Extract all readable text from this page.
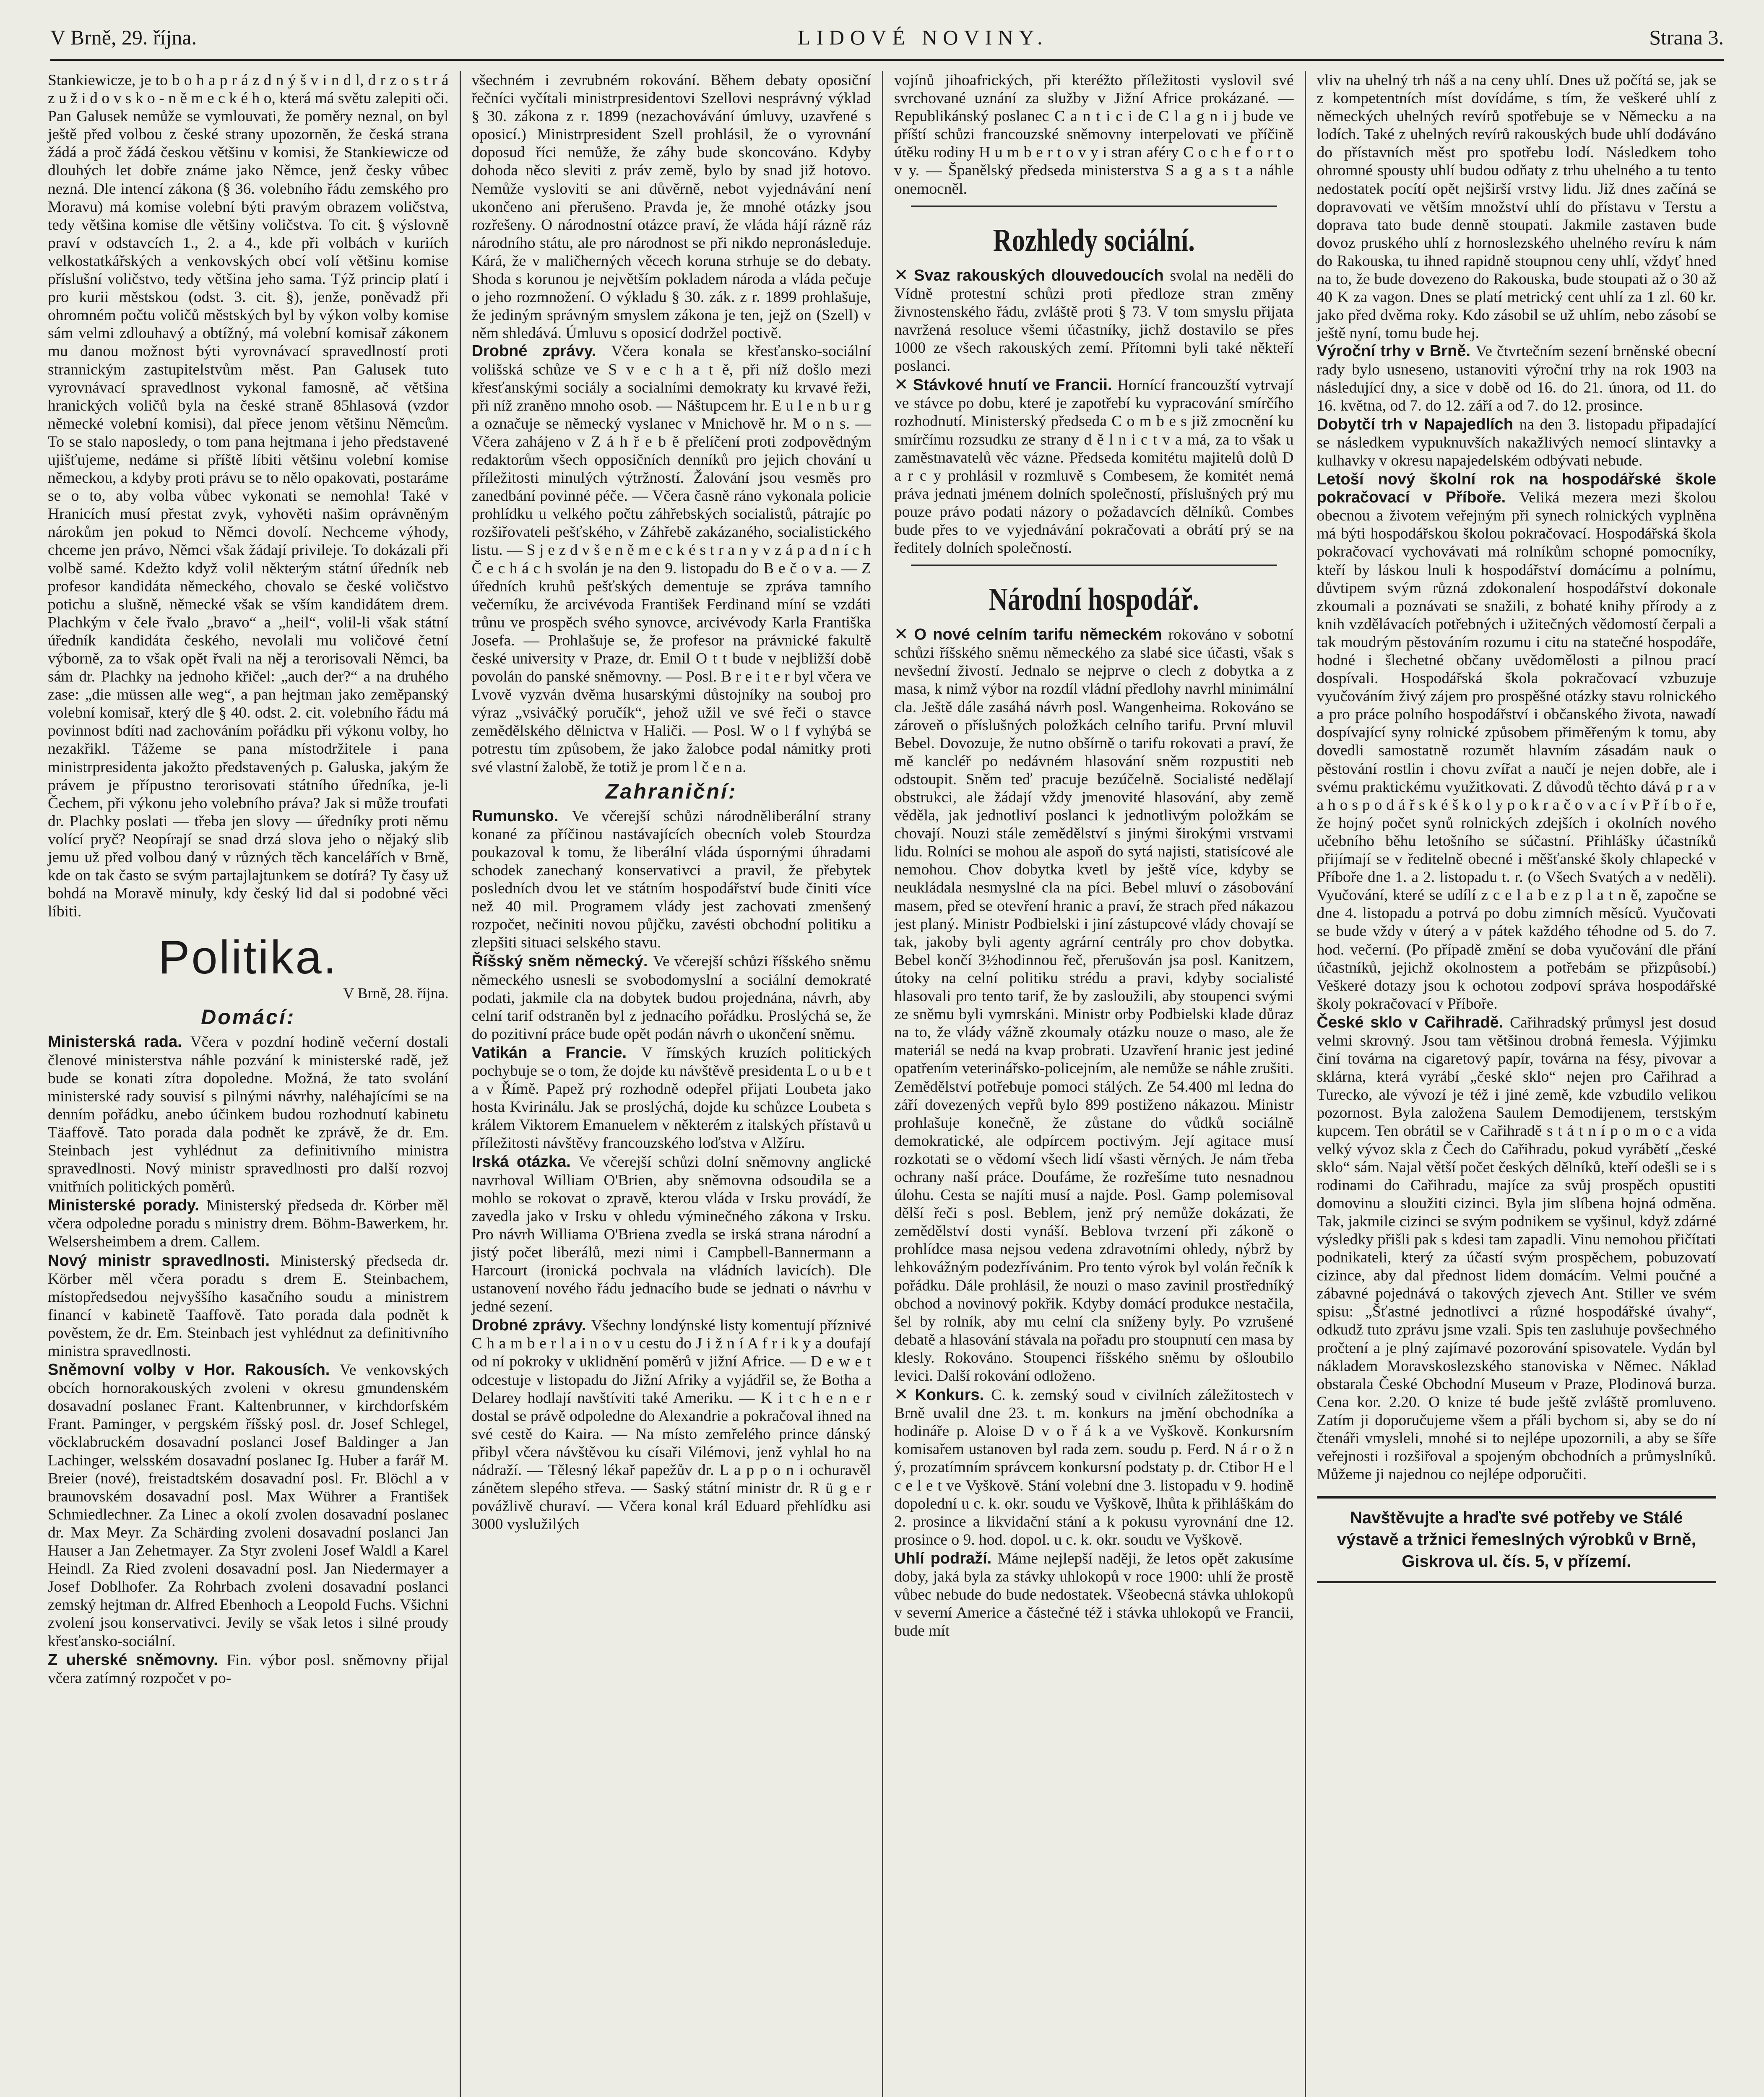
V Brně, 29. října.	LIDOVÉ NOVINY.	Strana 3.

Stankiewicze, je to b o h a p r á z d n ý š v i n d l, d r z o s t r á z u ž i d o v s k o - n ě m e c k é h o, která má světu zalepiti oči. Pan Galusek nemůže se vymlouvati, že poměry neznal, on byl ještě před volbou z české strany upozorněn, že česká strana žádá a proč žádá českou většinu v komisi, že Stankiewicze od dlouhých let dobře známe jako Němce, jenž česky vůbec nezná. Dle intencí zákona (§ 36. volebního řádu zemského pro Moravu) má komise volební býti pravým obrazem voličstva, tedy většina komise dle většiny voličstva. To cit. § výslovně praví v odstavcích 1., 2. a 4., kde při volbách v kuriích velkostatkářských a venkovských obcí volí většinu komise příslušní voličstvo, tedy většina jeho sama. Týž princip platí i pro kurii městskou (odst. 3. cit. §), jenže, poněvadž při ohromném počtu voličů městských byl by výkon volby komise sám velmi zdlouhavý a obtížný, má volební komisař zákonem mu danou možnost býti vyrovnávací spravedlností proti strannickým zastupitelstvům měst. Pan Galusek tuto vyrovnávací spravedlnost vykonal famosně, ač většina hranických voličů byla na české straně 85hlasová (vzdor německé volební komisi), dal přece jenom většinu Němcům. To se stalo naposledy, o tom pana hejtmana i jeho představené ujišťujeme, nedáme si příště líbiti většinu volební komise německou, a kdyby proti právu se to nělo opakovati, postaráme se o to, aby volba vůbec vykonati se nemohla! Také v Hranicích musí přestat zvyk, vyhověti našim oprávněným nárokům jen pokud to Němci dovolí. Nechceme výhody, chceme jen právo, Němci však žádají privileje. To dokázali při volbě samé. Kdežto když volil některým státní úředník neb profesor kandidáta německého, chovalo se české voličstvo potichu a slušně, německé však se vším kandidátem drem. Plachkým v čele řvalo „bravo“ a „heil“, volil-li však státní úředník kandidáta českého, nevolali mu voličové četní výborně, za to však opět řvali na něj a terorisovali Němci, ba sám dr. Plachky na jednoho křičel: „auch der?“ a na druhého zase: „die müssen alle weg“, a pan hejtman jako zeměpanský volební komisař, který dle § 40. odst. 2. cit. volebního řádu má povinnost bdíti nad zachováním pořádku při výkonu volby, ho nezakřikl. Tážeme se pana místodržitele i pana ministrpresidenta jakožto představených p. Galuska, jakým že právem je přípustno terorisovati státního úředníka, je-li Čechem, při výkonu jeho volebního práva? Jak si může troufati dr. Plachky poslati — třeba jen slovy — úředníky proti němu volící pryč? Neopírají se snad drzá slova jeho o nějaký slib jemu už před volbou daný v různých těch kancelářích v Brně, kde on tak často se svým partajlajtunkem se dotírá? Ty časy už bohdá na Moravě minuly, kdy český lid dal si podobné věci líbiti.

Politika.
V Brně, 28. října.
Domácí:
Ministerská rada. Včera v pozdní hodině večerní dostali členové ministerstva náhle pozvání k ministerské radě, jež bude se konati zítra dopoledne. Možná, že tato svolání ministerské rady souvisí s pilnými návrhy, naléhajícími se na denním pořádku, anebo účinkem budou rozhodnutí kabinetu Täaffově. Tato porada dala podnět ke zprávě, že dr. Em. Steinbach jest vyhlédnut za definitivního ministra spravedlnosti. Nový ministr spravedlnosti pro další rozvoj vnitřních politických poměrů.
Ministerské porady. Ministerský předseda dr. Körber měl včera odpoledne poradu s ministry drem. Böhm-Bawerkem, hr. Welsersheimbem a drem. Callem.
Nový ministr spravedlnosti. Ministerský předseda dr. Körber měl včera poradu s drem E. Steinbachem, místopředsedou nejvyššího kasačního soudu a ministrem financí v kabinetě Taaffově. Tato porada dala podnět k pověstem, že dr. Em. Steinbach jest vyhlédnut za definitivního ministra spravedlnosti.
Sněmovní volby v Hor. Rakousích. Ve venkovských obcích hornorakouských zvoleni v okresu gmundenském dosavadní poslanec Frant. Kaltenbrunner, v kirchdorfském Frant. Paminger, v pergském říšský posl. dr. Josef Schlegel, vöcklabruckém dosavadní poslanci Josef Baldinger a Jan Lachinger, welsském dosavadní poslanec Ig. Huber a farář M. Breier (nové), freistadtském dosavadní posl. Fr. Blöchl a v braunovském dosavadní posl. Max Wührer a František Schmiedlechner. Za Linec a okolí zvolen dosavadní poslanec dr. Max Meyr. Za Schärding zvoleni dosavadní poslanci Jan Hauser a Jan Zehetmayer. Za Styr zvoleni Josef Waldl a Karel Heindl. Za Ried zvoleni dosavadní posl. Jan Niedermayer a Josef Doblhofer. Za Rohrbach zvoleni dosavadní poslanci zemský hejtman dr. Alfred Ebenhoch a Leopold Fuchs. Všichni zvolení jsou konservativci. Jevily se však letos i silné proudy křesťansko-sociální.
Z uherské sněmovny. Fin. výbor posl. sněmovny přijal včera zatímný rozpočet v po-

všechném i zevrubném rokování. Během debaty oposiční řečníci vyčítali ministrpresidentovi Szellovi nesprávný výklad § 30. zákona z r. 1899 (nezachovávání úmluvy, uzavřené s oposicí.) Ministrpresident Szell prohlásil, že o vyrovnání doposud říci nemůže, že záhy bude skoncováno. Kdyby dohoda něco sleviti z práv země, bylo by snad již hotovo. Nemůže vysloviti se ani důvěrně, nebot vyjednávání není ukončeno ani přerušeno. Pravda je, že mnohé otázky jsou rozřešeny. O národnostní otázce praví, že vláda hájí rázně ráz národního státu, ale pro národnost se při nikdo nepronásleduje. Kárá, že v maličherných věcech koruna strhuje se do debaty. Shoda s korunou je největším pokladem národa a vláda pečuje o jeho rozmnožení. O výkladu § 30. zák. z r. 1899 prohlašuje, že jediným správným smyslem zákona je ten, jejž on (Szell) v něm shledává. Úmluvu s oposicí dodržel poctivě.

Drobné zprávy. Včera konala se křesťansko-sociální volišská schůze ve S v e c h a t ě, při níž došlo mezi křesťanskými sociály a socialními demokraty ku krvavé řeži, při níž zraněno mnoho osob. — Náštupcem hr. E u l e n b u r g a označuje se německý vyslanec v Mnichově hr. M o n s. — Včera zahájeno v Z á h ř e b ě přelíčení proti zodpovědným redaktorům všech opposičních denníků pro jejich chování u příležitosti minulých výtržností. Žalování jsou vesměs pro zanedbání povinné péče. — Včera časně ráno vykonala policie prohlídku u velkého počtu záhřebských socialistů, pátrajíc po rozšiřovateli pešťského, v Záhřebě zakázaného, socialistického listu. — S j e z d v š e n ě m e c k é s t r a n y v z á p a d n í c h Č e c h á c h svolán je na den 9. listopadu do B e č o v a. — Z úředních kruhů pešťských dementuje se zpráva tamního večerníku, že arcivévoda František Ferdinand míní se vzdáti trůnu ve prospěch svého synovce, arcivévody Karla Františka Josefa. — Prohlašuje se, že profesor na právnické fakultě české university v Praze, dr. Emil O t t bude v nejbližší době povolán do panské sněmovny. — Posl. B r e i t e r byl včera ve Lvově vyzván dvěma husarskými důstojníky na souboj pro výraz „vsiváčký poručík“, jehož užil ve své řeči o stavce zemědělského dělnictva v Haliči. — Posl. W o l f vyhýbá se potrestu tím způsobem, že jako žalobce podal námitky proti své vlastní žalobě, že totiž je prom l č e n a.
Zahraniční:
Rumunsko. Ve včerejší schůzi národněliberální strany konané za příčinou nastávajících obecních voleb Stourdza poukazoval k tomu, že liberální vláda úspornými úhradami schodek zanechaný konservativci a pravil, že přebytek posledních dvou let ve státním hospodářství bude činiti více než 40 mil. Programem vlády jest zachovati zmenšený rozpočet, nečiniti novou půjčku, zavésti obchodní politiku a zlepšiti situaci selského stavu.
Říšský sněm německý. Ve včerejší schůzi říšského sněmu německého usnesli se svobodomyslní a sociální demokraté podati, jakmile cla na dobytek budou projednána, návrh, aby celní tarif odstraněn byl z jednacího pořádku. Proslýchá se, že do pozitivní práce bude opět podán návrh o ukončení sněmu.
Vatikán a Francie. V římských kruzích politických pochybuje se o tom, že dojde ku návštěvě presidenta L o u b e t a v Římě. Papež prý rozhodně odepřel přijati Loubeta jako hosta Kvirinálu. Jak se proslýchá, dojde ku schůzce Loubeta s králem Viktorem Emanuelem v některém z italských přístavů u příležitosti návštěvy francouzského loďstva v Alžíru.
Irská otázka. Ve včerejší schůzi dolní sněmovny anglické navrhoval William O'Brien, aby sněmovna odsoudila se a mohlo se rokovat o zpravě, kterou vláda v Irsku provádí, že zavedla jako v Irsku v ohledu výminečného zákona v Irsku. Pro návrh Williama O'Briena zvedla se irská strana národní a jistý počet liberálů, mezi nimi i Campbell-Bannermann a Harcourt (ironická pochvala na vládních lavicích). Dle ustanovení nového řádu jednacího bude se jednati o návrhu v jedné sezení.
Drobné zprávy. Všechny londýnské listy komentují příznivé C h a m b e r l a i n o v u cestu do J i ž n í A f r i k y a doufají od ní pokroky v uklidnění poměrů v jižní Africe. — D e w e t odcestuje v listopadu do Jižní Afriky a vyjádřil se, že Botha a Delarey hodlají navštíviti také Ameriku. — K i t c h e n e r dostal se právě odpoledne do Alexandrie a pokračoval ihned na své cestě do Kaira. — Na místo zemřelého prince dánský přibyl včera návštěvou ku císaři Vilémovi, jenž vyhlal ho na nádraží. — Tělesný lékař papežův dr. L a p p o n i ochuravěl zánětem slepého střeva. — Saský státní ministr dr. R ü g e r povážlivě churaví. — Včera konal král Eduard přehlídku asi 3000 vyslužilých

vojínů jihoafrických, při kteréžto příležitosti vyslovil své svrchované uznání za služby v Jižní Africe prokázané. — Republikánský poslanec C a n t i c i de C l a g n i j bude ve příští schůzi francouzské sněmovny interpelovati ve příčině útěku rodiny H u m b e r t o v y i stran aféry C o c h e f o r t o v y. — Španělský předseda ministerstva S a g a s t a náhle onemocněl.

Rozhledy sociální.
✕ Svaz rakouských dlouvedoucích svolal na neděli do Vídně protestní schůzi proti předloze stran změny živnostenského řádu, zvláště proti § 73. V tom smyslu přijata navržená resoluce všemi účastníky, jichž dostavilo se přes 1000 ze všech rakouských zemí. Přítomni byli také někteří poslanci.
✕ Stávkové hnutí ve Francii. Hornící francouzští vytrvají ve stávce po dobu, které je zapotřebí ku vypracování smírčího rozhodnutí. Ministerský předseda C o m b e s již zmocnění ku smírčímu rozsudku ze strany d ě l n i c t v a má, za to však u zaměstnavatelů věc vázne. Předseda komitétu majitelů dolů D a r c y prohlásil v rozmluvě s Combesem, že komitét nemá práva jednati jménem dolních společností, příslušných prý mu pouze právo podati názory o požadavcích dělníků. Combes bude přes to ve vyjednávání pokračovati a obrátí prý se na ředitely dolních společností.
Národní hospodář.
✕ O nové celním tarifu německém rokováno v sobotní schůzi říšského sněmu německého za slabé sice účasti, však s nevšední živostí. Jednalo se nejprve o clech z dobytka a z masa, k nimž výbor na rozdíl vládní předlohy navrhl minimální cla. Ještě dále zasáhá návrh posl. Wangenheima. Rokováno se zároveň o příslušných položkách celního tarifu. První mluvil Bebel. Dovozuje, že nutno obšírně o tarifu rokovati a praví, že mě kancléř po nedávném hlasování sněm rozpustiti neb odstoupit. Sněm teď pracuje bezúčelně. Socialisté nedělají obstrukci, ale žádají vždy jmenovité hlasování, aby země věděla, jak jednotliví poslanci k jednotlivým položkám se chovají. Nouzi stále zemědělství s jinými širokými vrstvami lidu. Rolníci se mohou ale aspoň do sytá najisti, statisícové ale nemohou. Chov dobytka kvetl by ještě více, kdyby se neukládala nesmyslné cla na píci. Bebel mluví o zásobování masem, před se otevření hranic a praví, že strach před nákazou jest planý. Ministr Podbielski i jiní zástupcové vlády chovají se tak, jakoby byli agenty agrární centrály pro chov dobytka. Bebel končí 3½hodinnou řeč, přerušován jsa posl. Kanitzem, útoky na celní politiku strédu a pravi, kdyby socialisté hlasovali pro tento tarif, že by zasloužili, aby stoupenci svými ze sněmu byli vymrskáni. Ministr orby Podbielski klade důraz na to, že vlády vážně zkoumaly otázku nouze o maso, ale že materiál se nedá na kvap probrati. Uzavření hranic jest jediné opatřením veterinářsko-policejním, ale nemůže se náhle zrušiti. Zemědělství potřebuje pomoci stálých. Ze 54.400 ml ledna do září dovezených vepřů bylo 899 postiženo nákazou. Ministr prohlašuje konečně, že zůstane do vůdků sociálně demokratické, ale odpírcem poctivým. Její agitace musí rozkotati se o vědomí všech lidí všasti věrných. Je nám třeba ochrany naší práce. Doufáme, že rozřešíme tuto nesnadnou úlohu. Cesta se najíti musí a najde. Posl. Gamp polemisoval dělší řeči s posl. Beblem, jenž prý nemůže dokázati, že zemědělství dosti vynáší. Beblova tvrzení při zákoně o prohlídce masa nejsou vedena zdravotními ohledy, nýbrž by lehkovážným podezřívánim. Pro tento výrok byl volán řečník k pořádku. Dále prohlásil, že nouzi o maso zavinil prostředníký obchod a novinový pokřik. Kdyby domácí produkce nestačila, šel by rolník, aby mu celní cla sníženy byly. Po vzrušené debatě a hlasování stávala na pořadu pro stoupnutí cen masa by klesly. Rokováno. Stoupenci říšského sněmu by ošloubilo levici. Další rokování odloženo.
✕ Konkurs. C. k. zemský soud v civilních záležitostech v Brně uvalil dne 23. t. m. konkurs na jmění obchodníka a hodináře p. Aloise D v o ř á k a ve Vyškově. Konkursním komisařem ustanoven byl rada zem. soudu p. Ferd. N á r o ž n ý, prozatímním správcem konkursní podstaty p. dr. Ctibor H e l c e l e t ve Vyškově. Stání volební dne 3. listopadu v 9. hodině dopolední u c. k. okr. soudu ve Vyškově, lhůta k přihláškám do 2. prosince a likvidační stání a k pokusu vyrovnání dne 12. prosince o 9. hod. dopol. u c. k. okr. soudu ve Vyškově.
Uhlí podraží. Máme nejlepší naději, že letos opět zakusíme doby, jaká byla za stávky uhlokopů v roce 1900: uhlí že prostě vůbec nebude do bude nedostatek. Všeobecná stávka uhlokopů v severní Americe a částečné též i stávka uhlokopů ve Francii, bude mít

vliv na uhelný trh náš a na ceny uhlí. Dnes už počítá se, jak se z kompetentních míst dovídáme, s tím, že veškeré uhlí z německých uhelných revírů spotřebuje se v Německu a na lodích. Také z uhelných revírů rakouských bude uhlí dodáváno do přístavních měst pro spotřebu lodí. Následkem toho ohromné spousty uhlí budou odňaty z trhu uhelného a tu tento nedostatek pocítí opět nejširší vrstvy lidu. Již dnes začíná se dopravovati ve větším množství uhlí do přístavu v Terstu a doprava tato bude denně stoupati. Jakmile zastaven bude dovoz pruského uhlí z hornoslezského uhelného revíru k nám do Rakouska, tu ihned rapidně stoupnou ceny uhlí, vždyť hned na to, že bude dovezeno do Rakouska, bude stoupati až o 30 až 40 K za vagon. Dnes se platí metrický cent uhlí za 1 zl. 60 kr. jako před dvěma roky. Kdo zásobil se už uhlím, nebo zásobí se ještě nyní, tomu bude hej.

Výroční trhy v Brně. Ve čtvrtečním sezení brněnské obecní rady bylo usneseno, ustanoviti výroční trhy na rok 1903 na následující dny, a sice v době od 16. do 21. února, od 11. do 16. května, od 7. do 12. září a od 7. do 12. prosince.
Dobytčí trh v Napajedlích na den 3. listopadu připadající se následkem vypuknuvších nakažlivých nemocí slintavky a kulhavky v okresu napajedelském odbývati nebude.
Letoší nový školní rok na hospodářské škole pokračovací v Příboře. Veliká mezera mezi školou obecnou a životem veřejným při synech rolnických vyplněna má býti hospodářskou školou pokračovací. Hospodářská škola pokračovací vychovávati má rolníkům schopné pomocníky, kteří by láskou lnuli k hospodářství domácímu a polnímu, důvtipem svým různá zdokonalení hospodářství dokonale zkoumali a poznávati se snažili, z bohaté knihy přírody a z knih vzdělávacích potřebných i užitečných vědomostí čerpali a tak moudrým pěstováním rozumu i citu na statečné hospodáře, hodné i šlechetné občany uvědomělosti a pilnou prací dospívali. Hospodářská škola pokračovací vzbuzuje vyučováním živý zájem pro prospěšné otázky stavu rolnického a pro práce polního hospodářství i občanského života, nawadí dospívající syny rolnické způsobem přiměřeným k tomu, aby dovedli samostatně rozumět hlavním zásadám nauk o pěstování rostlin i chovu zvířat a naučí je nejen dobře, ale i svému praktickému využitkovati. Z důvodů těchto dává p r a v a h o s p o d á ř s k é š k o l y p o k r a č o v a c í v P ř í b o ř e, že hojný počet synů rolnických zdejších i okolních nového učebního běhu letošního se súčastní. Přihlášky účastníků přijímají se v ředitelně obecné i měšťanské školy chlapecké v Příboře dne 1. a 2. listopadu t. r. (o Všech Svatých a v neděli). Vyučování, které se udílí z c e l a b e z p l a t n ě, započne se dne 4. listopadu a potrvá po dobu zimních měsíců. Vyučovati se bude vždy v úterý a v pátek každého téhodne od 5. do 7. hod. večerní. (Po případě změní se doba vyučování dle přání účastníků, jejichž okolnostem a potřebám se přizpůsobí.) Veškeré dotazy jsou k ochotou zodpoví správa hospodářské školy pokračovací v Příboře.
České sklo v Cařihradě. Cařihradský průmysl jest dosud velmi skrovný. Jsou tam většinou drobná řemesla. Výjimku činí továrna na cigaretový papír, továrna na fésy, pivovar a sklárna, která vyrábí „české sklo“ nejen pro Cařihrad a Turecko, ale vývozí je též i jiné země, kde vzbudilo velikou pozornost. Byla založena Saulem Demodijenem, terstským kupcem. Ten obrátil se v Cařihradě s t á t n í p o m o c a vida velký vývoz skla z Čech do Cařihradu, pokud vyrábětí „české sklo“ sám. Najal větší počet českých dělníků, kteří odešli se i s rodinami do Cařihradu, majíce za svůj prospěch opustiti domovinu a sloužiti cizinci. Byla jim slíbena hojná odměna. Tak, jakmile cizinci se svým podnikem se vyšinul, když zdárné výsledky přišli pak s kdesi tam zapadli. Vinu nemohou přičítati podnikateli, který za účastí svým prospěchem, pobuzovatí cizince, aby dal přednost lidem domácím. Velmi poučné a zábavné pojednává o takových zjevech Ant. Stiller ve svém spisu: „Šťastné jednotlivci a různé hospodářské úvahy“, odkudž tuto zprávu jsme vzali. Spis ten zasluhuje povšechného pročtení a je plný zajímavé pozorování spisovatele. Vydán byl nákladem Moravskoslezského stanoviska v Němec. Náklad obstarala České Obchodní Museum v Praze, Plodinová burza. Cena kor. 2.20. O knize té bude ještě zvláště promluveno. Zatím ji doporučujeme všem a přáli bychom si, aby se do ní čtenáři vmysleli, mnohé si to nejlépe upozornili, a aby se šíře veřejnosti i rozšiřoval a spojeným obchodních a průmyslníků. Můžeme ji najednou co nejlépe odporučiti.
Navštěvujte a hraďte své potřeby ve Stálé výstavě a tržnici řemeslných výrobků v Brně, Giskrova ul. čís. 5, v přízemí.
